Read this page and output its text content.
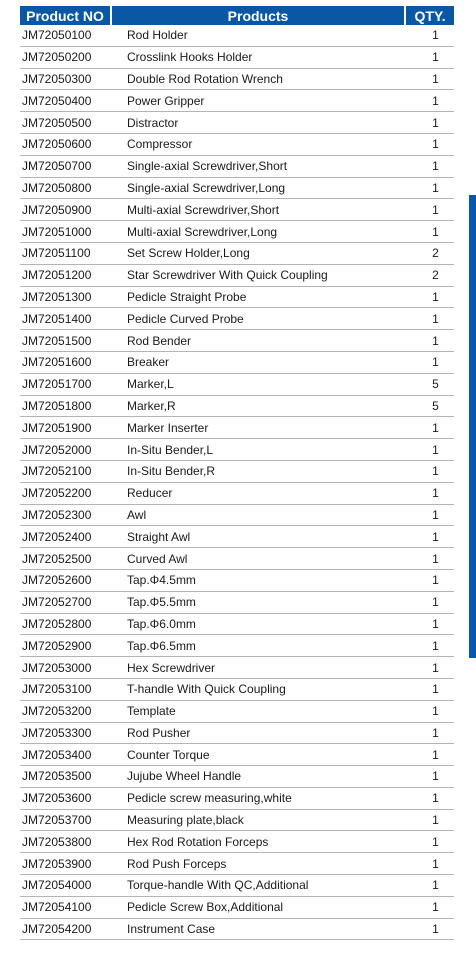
Product NO	Products	QTY.
JM72050100	Rod Holder	1
JM72050200	Crosslink Hooks Holder	1
JM72050300	Double Rod Rotation Wrench	1
JM72050400	Power Gripper	1
JM72050500	Distractor	1
JM72050600	Compressor	1
JM72050700	Single-axial Screwdriver,Short	1
JM72050800	Single-axial Screwdriver,Long	1
JM72050900	Multi-axial Screwdriver,Short	1
JM72051000	Multi-axial Screwdriver,Long	1
JM72051100	Set Screw Holder,Long	2
JM72051200	Star Screwdriver With Quick Coupling	2
JM72051300	Pedicle Straight Probe	1
JM72051400	Pedicle Curved Probe	1
JM72051500	Rod Bender	1
JM72051600	Breaker	1
JM72051700	Marker,L	5
JM72051800	Marker,R	5
JM72051900	Marker Inserter	1
JM72052000	In-Situ Bender,L	1
JM72052100	In-Situ Bender,R	1
JM72052200	Reducer	1
JM72052300	Awl	1
JM72052400	Straight Awl	1
JM72052500	Curved Awl	1
JM72052600	Tap.Φ4.5mm	1
JM72052700	Tap.Φ5.5mm	1
JM72052800	Tap.Φ6.0mm	1
JM72052900	Tap.Φ6.5mm	1
JM72053000	Hex Screwdriver	1
JM72053100	T-handle With Quick Coupling	1
JM72053200	Template	1
JM72053300	Rod Pusher	1
JM72053400	Counter Torque	1
JM72053500	Jujube Wheel Handle	1
JM72053600	Pedicle screw measuring,white	1
JM72053700	Measuring plate,black	1
JM72053800	Hex Rod Rotation Forceps	1
JM72053900	Rod Push Forceps	1
JM72054000	Torque-handle With QC,Additional	1
JM72054100	Pedicle Screw Box,Additional	1
JM72054200	Instrument Case	1
